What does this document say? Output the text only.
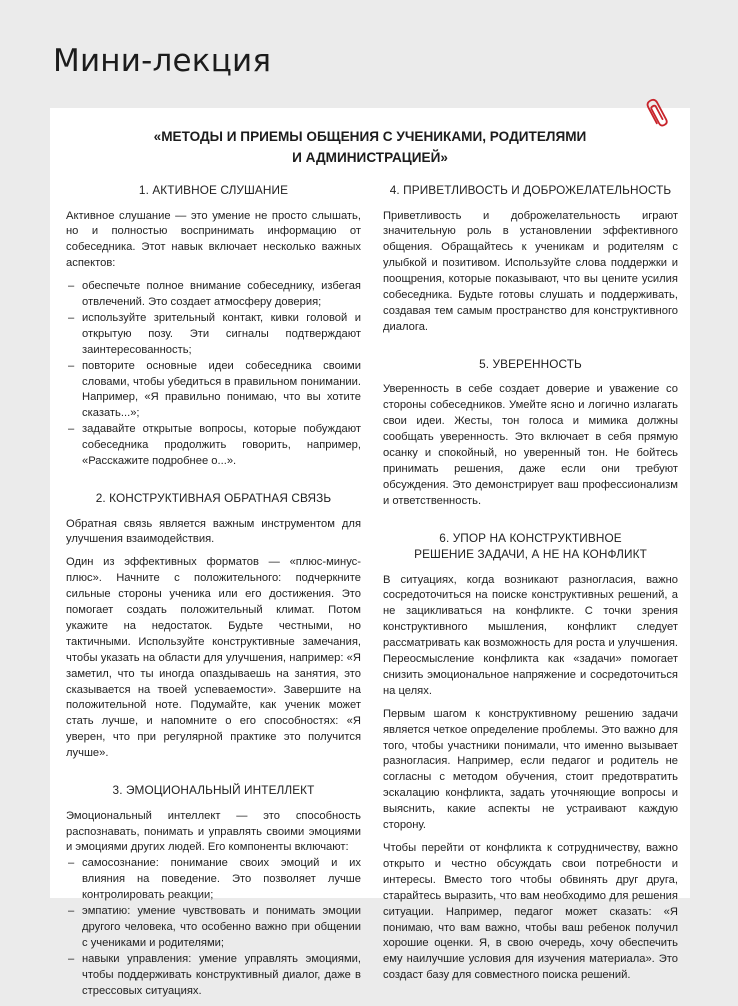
Мини-лекция
«МЕТОДЫ И ПРИЕМЫ ОБЩЕНИЯ С УЧЕНИКАМИ, РОДИТЕЛЯМИ
И АДМИНИСТРАЦИЕЙ»
1. АКТИВНОЕ СЛУШАНИЕ

Активное слушание — это умение не просто слышать, но и полностью воспринимать информацию от собеседника. Этот навык включает несколько важных аспектов:

– обеспечьте полное внимание собеседнику, избегая отвлечений. Это создает атмосферу доверия;
– используйте зрительный контакт, кивки головой и открытую позу. Эти сигналы подтверждают заинтересованность;
– повторите основные идеи собеседника своими словами, чтобы убедиться в правильном понимании. Например, «Я правильно понимаю, что вы хотите сказать...»;
– задавайте открытые вопросы, которые побуждают собеседника продолжить говорить, например, «Расскажите подробнее о...».
2. КОНСТРУКТИВНАЯ ОБРАТНАЯ СВЯЗЬ

Обратная связь является важным инструментом для улучшения взаимодействия.

Один из эффективных форматов — «плюс-минус-плюс». Начните с положительного: подчеркните сильные стороны ученика или его достижения. Это помогает создать положительный климат. Потом укажите на недостаток. Будьте честными, но тактичными. Используйте конструктивные замечания, чтобы указать на области для улучшения, например: «Я заметил, что ты иногда опаздываешь на занятия, это сказывается на твоей успеваемости». Завершите на положительной ноте. Подумайте, как ученик может стать лучше, и напомните о его способностях: «Я уверен, что при регулярной практике это получится лучше».

3. ЭМОЦИОНАЛЬНЫЙ ИНТЕЛЛЕКТ

Эмоциональный интеллект — это способность распознавать, понимать и управлять своими эмоциями и эмоциями других людей. Его компоненты включают:

– самосознание: понимание своих эмоций и их влияния на поведение. Это позволяет лучше контролировать реакции;
– эмпатию: умение чувствовать и понимать эмоции другого человека, что особенно важно при общении с учениками и родителями;
– навыки управления: умение управлять эмоциями, чтобы поддерживать конструктивный диалог, даже в стрессовых ситуациях.
4. ПРИВЕТЛИВОСТЬ И ДОБРОЖЕЛАТЕЛЬНОСТЬ

Приветливость и доброжелательность играют значительную роль в установлении эффективного общения. Обращайтесь к ученикам и родителям с улыбкой и позитивом. Используйте слова поддержки и поощрения, которые показывают, что вы цените усилия собеседника. Будьте готовы слушать и поддерживать, создавая тем самым пространство для конструктивного диалога.

5. УВЕРЕННОСТЬ

Уверенность в себе создает доверие и уважение со стороны собеседников. Умейте ясно и логично излагать свои идеи. Жесты, тон голоса и мимика должны сообщать уверенность. Это включает в себя прямую осанку и спокойный, но уверенный тон. Не бойтесь принимать решения, даже если они требуют обсуждения. Это демонстрирует ваш профессионализм и ответственность.

6. УПОР НА КОНСТРУКТИВНОЕ
РЕШЕНИЕ ЗАДАЧИ, А НЕ НА КОНФЛИКТ

В ситуациях, когда возникают разногласия, важно сосредоточиться на поиске конструктивных решений, а не зацикливаться на конфликте. С точки зрения конструктивного мышления, конфликт следует рассматривать как возможность для роста и улучшения. Переосмысление конфликта как «задачи» помогает снизить эмоциональное напряжение и сосредоточиться на целях.

Первым шагом к конструктивному решению задачи является четкое определение проблемы. Это важно для того, чтобы участники понимали, что именно вызывает разногласия. Например, если педагог и родитель не согласны с методом обучения, стоит предотвратить эскалацию конфликта, задать уточняющие вопросы и выяснить, какие аспекты не устраивают каждую сторону.

Чтобы перейти от конфликта к сотрудничеству, важно открыто и честно обсуждать свои потребности и интересы. Вместо того чтобы обвинять друг друга, старайтесь выразить, что вам необходимо для решения ситуации. Например, педагог может сказать: «Я понимаю, что вам важно, чтобы ваш ребенок получил хорошие оценки. Я, в свою очередь, хочу обеспечить ему наилучшие условия для изучения материала». Это создаст базу для совместного поиска решений.
